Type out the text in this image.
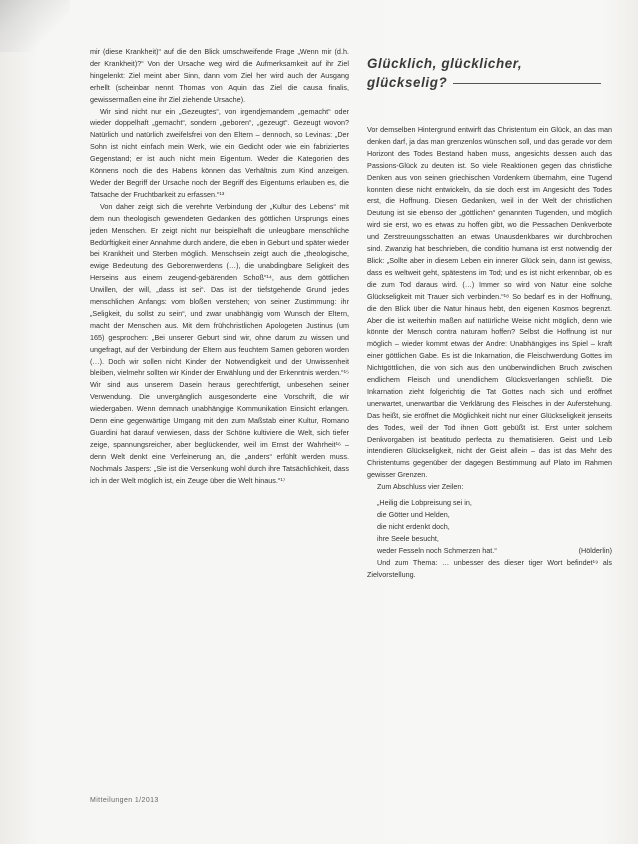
mir (diese Krankheit)“ auf die den Blick umschweifende Frage „Wenn mir (d.h. der Krankheit)?“ Von der Ursache weg wird die Aufmerksamkeit auf ihr Ziel hingelenkt: Ziel meint aber Sinn, dann vom Ziel her wird auch der Ausgang erhellt (scheinbar nennt Thomas von Aquin das Ziel die causa finalis, gewissermaßen eine ihr Ziel ziehende Ursache).

Wir sind nicht nur ein „Gezeugtes“, von irgendjemandem „gemacht“ oder wieder doppelhaft „gemacht“, sondern „geboren“, „gezeugt“. Gezeugt wovon? Natürlich und natürlich zweifelsfrei von den Eltern – dennoch, so Levinas: „Der Sohn ist nicht einfach mein Werk, wie ein Gedicht oder wie ein fabriziertes Gegenstand; er ist auch nicht mein Eigentum. Weder die Kategorien des Könnens noch die des Habens können das Verhältnis zum Kind anzeigen. Weder der Begriff der Ursache noch der Begriff des Eigentums erlauben es, die Tatsache der Fruchtbarkeit zu erfassen.“¹³

Von daher zeigt sich die verehrte Verbindung der „Kultur des Lebens“ mit dem nun theologisch gewendeten Gedanken des göttlichen Ursprungs eines jeden Menschen. Er zeigt nicht nur beispielhaft die unleugbare menschliche Bedürftigkeit einer Annahme durch andere, die eben in Geburt und später wieder bei Krankheit und Sterben möglich. Menschsein zeigt auch die „theologische, ewige Bedeutung des Geborenwerdens (…), die unabdingbare Seligkeit des Herseins aus einem zeugend-gebärenden Schoß“¹⁴, aus dem göttlichen Urwillen, der will, „dass ist sei“. Das ist der tiefstgehende Grund jedes menschlichen Anfangs: vom bloßen verstehen; von seiner Zustimmung: ihr „Seligkeit, du sollst zu sein“, und zwar unabhängig vom Wunsch der Eltern, macht der Menschen aus. Mit dem frühchristlichen Apologeten Justinus (um 165) gesprochen: „Bei unserer Geburt sind wir, ohne darum zu wissen und ungefragt, auf der Verbindung der Eltern aus feuchtem Samen geboren worden (…). Doch wir sollen nicht Kinder der Notwendigkeit und der Unwissenheit bleiben, vielmehr sollten wir Kinder der Erwählung und der Erkenntnis werden.“¹⁵ Wir sind aus unserem Dasein heraus gerechtfertigt, unbesehen seiner Verwendung. Die unvergänglich ausgesonderte eine Vorschrift, die wir wiedergaben. Wenn demnach unabhängige Kommunikation Einsicht erlangen. Denn eine gegenwärtige Umgang mit den zum Maßstab einer Kultur, Romano Guardini hat darauf verwiesen, dass der Schöne kultiviere die Welt, sich tiefer zeige, spannungsreicher, aber beglückender, weil im Ernst der Wahrheit¹⁶ – denn Welt denkt eine Verfeinerung an, die „anders“ erfühlt werden muss. Nochmals Jaspers: „Sie ist die Versenkung wohl durch ihre Tatsächlichkeit, dass ich in der Welt möglich ist, ein Zeuge über die Welt hinaus.“¹⁷

Glücklich, glücklicher,
glückselig?

Vor demselben Hintergrund entwirft das Christentum ein Glück, an das man denken darf, ja das man grenzenlos wünschen soll, und das gerade vor dem Horizont des Todes Bestand haben muss, angesichts dessen auch das Passions-Glück zu deuten ist. So viele Reaktionen gegen das christliche Denken aus von seinen griechischen Vordenkern übernahm, eine Tugend konnten diese nicht entwickeln, da sie doch erst im Angesicht des Todes erst, die Hoffnung. Diesen Gedanken, weil in der Welt der christlichen Deutung ist sie ebenso der „göttlichen“ genannten Tugenden, und möglich wird sie erst, wo es etwas zu hoffen gibt, wo die Pessachen Denkverbote und Zerstreuungsschatten an etwas Unausdenkbares wir durchbrochen sind. Zwanzig hat beschrieben, die conditio humana ist erst notwendig der Blick: „Sollte aber in diesem Leben ein innerer Glück sein, dann ist gewiss, dass es weltweit geht, spätestens im Tod; und es ist nicht erkennbar, ob es die zum Tod daraus wird. (…) Immer so wird von Natur eine solche Glückseligkeit mit Trauer sich verbinden.“¹⁸ So bedarf es in der Hoffnung, die den Blick über die Natur hinaus hebt, den eigenen Kosmos begrenzt. Aber die ist weiterhin maßen auf natürliche Weise nicht möglich, denn wie könnte der Mensch contra naturam hoffen? Selbst die Hoffnung ist nur möglich – wieder kommt etwas der Andre: Unabhängiges ins Spiel – kraft einer göttlichen Gabe. Es ist die Inkarnation, die Fleischwerdung Gottes im Nichtgöttlichen, die von sich aus den unüberwindlichen Bruch zwischen endlichem Fleisch und unendlichem Glücksverlangen schließt. Die Inkarnation zieht folgerichtig die Tat Gottes nach sich und eröffnet unerwartet, unerwartbar die Verklärung des Fleisches in der Auferstehung. Das heißt, sie eröffnet die Möglichkeit nicht nur einer Glückseligkeit jenseits des Todes, weil der Tod ihnen Gott gebüßt ist. Erst unter solchem Denkvorgaben ist beatitudo perfecta zu thematisieren. Geist und Leib intendieren Glückseligkeit, nicht der Geist allein – das ist das Mehr des Christentums gegenüber der dagegen Bestimmung auf Plato im Rahmen gewisser Grenzen.

Zum Abschluss vier Zeilen:

„Heilig die Lobpreisung sei in,
die Götter und Helden,
die nicht erdenkt doch,
ihre Seele besucht,
weder Fesseln noch Schmerzen hat.“	(Hölderlin)

Und zum Thema: … unbesser des dieser tiger Wort befindet¹⁹ als Zielvorstellung.

Mitteilungen 1/2013
